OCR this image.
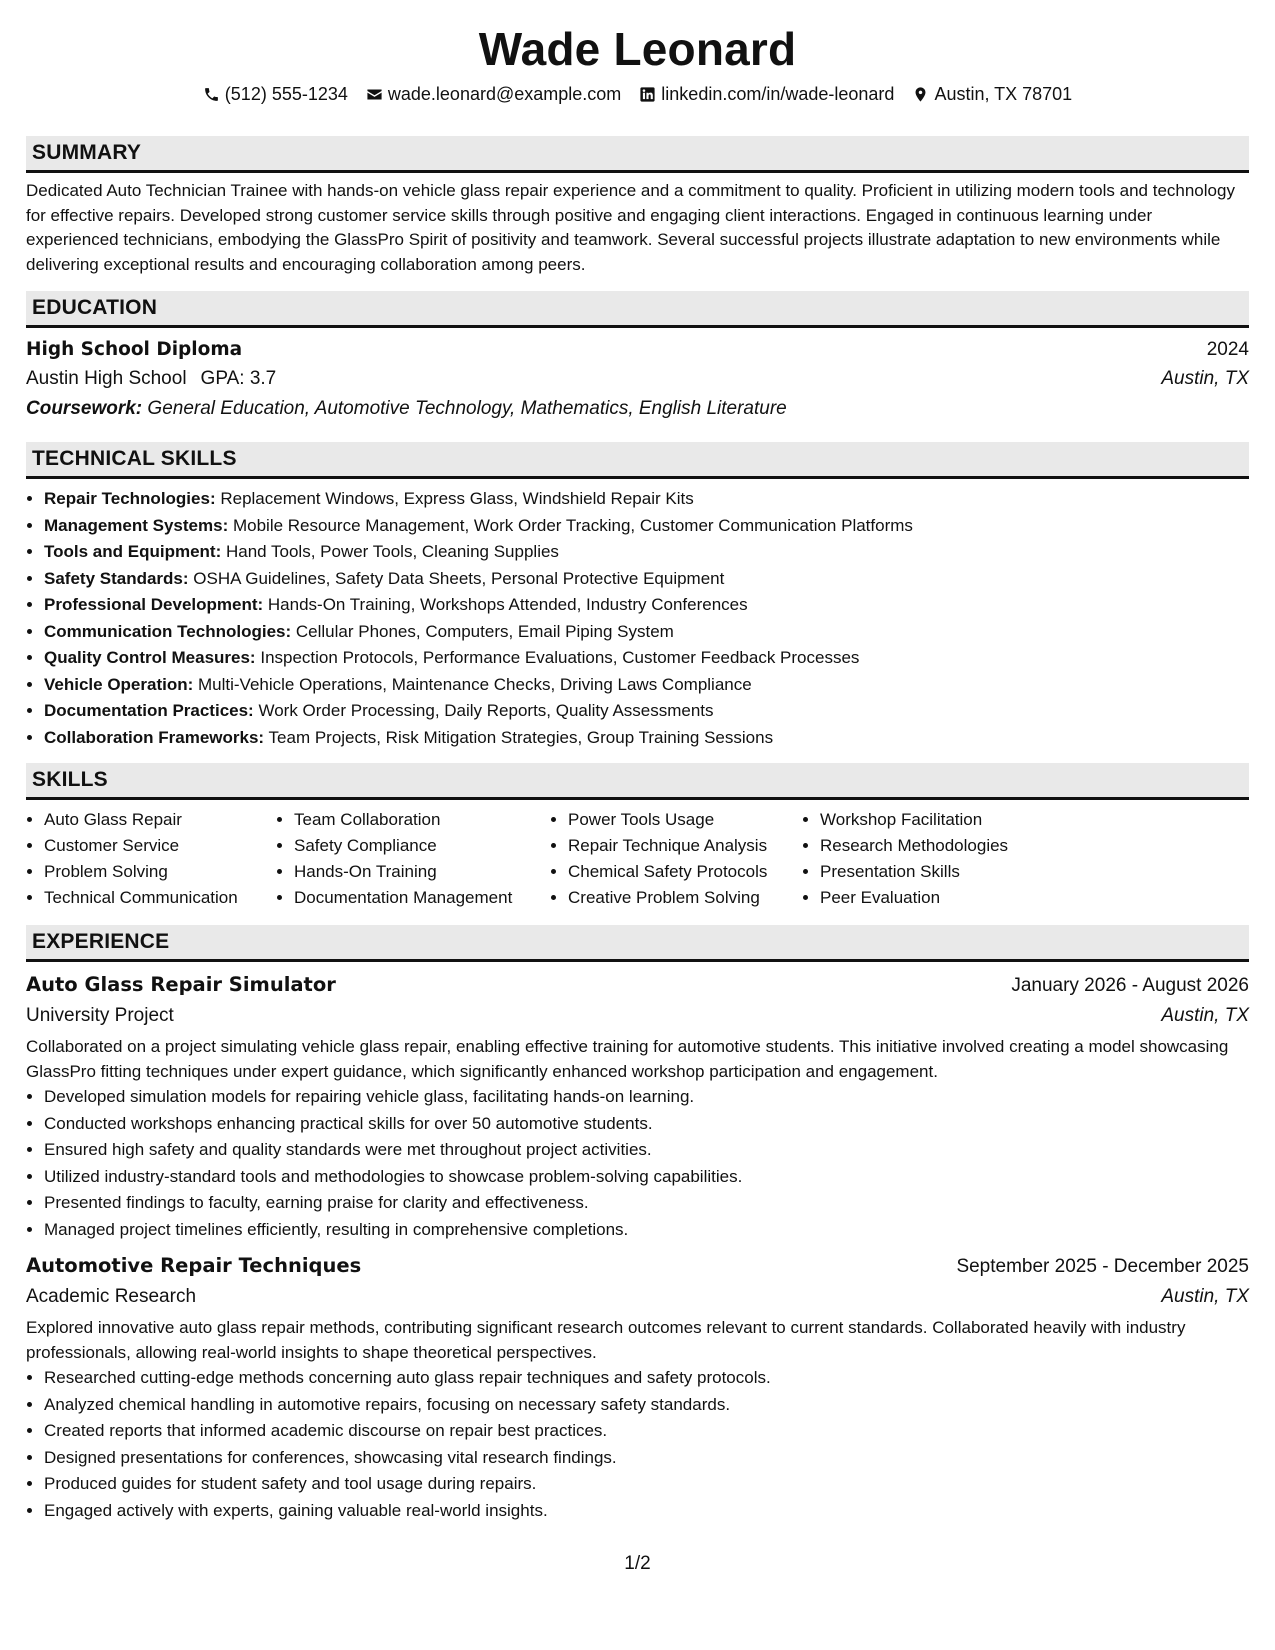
Wade Leonard
(512) 555-1234 wade.leonard@example.com linkedin.com/in/wade-leonard Austin, TX 78701
SUMMARY

Dedicated Auto Technician Trainee with hands-on vehicle glass repair experience and a commitment to quality. Proficient in utilizing modern tools and technology for effective repairs. Developed strong customer service skills through positive and engaging client interactions. Engaged in continuous learning under experienced technicians, embodying the GlassPro Spirit of positivity and teamwork. Several successful projects illustrate adaptation to new environments while delivering exceptional results and encouraging collaboration among peers.

EDUCATION
High School Diploma	2024
Austin High School GPA: 3.7	Austin, TX
Coursework: General Education, Automotive Technology, Mathematics, English Literature
TECHNICAL SKILLS
• Repair Technologies: Replacement Windows, Express Glass, Windshield Repair Kits
• Management Systems: Mobile Resource Management, Work Order Tracking, Customer Communication Platforms
• Tools and Equipment: Hand Tools, Power Tools, Cleaning Supplies
• Safety Standards: OSHA Guidelines, Safety Data Sheets, Personal Protective Equipment
• Professional Development: Hands-On Training, Workshops Attended, Industry Conferences
• Communication Technologies: Cellular Phones, Computers, Email Piping System
• Quality Control Measures: Inspection Protocols, Performance Evaluations, Customer Feedback Processes
• Vehicle Operation: Multi-Vehicle Operations, Maintenance Checks, Driving Laws Compliance
• Documentation Practices: Work Order Processing, Daily Reports, Quality Assessments
• Collaboration Frameworks: Team Projects, Risk Mitigation Strategies, Group Training Sessions
SKILLS
• Auto Glass Repair
• Customer Service
• Problem Solving
• Technical Communication
• Team Collaboration
• Safety Compliance
• Hands-On Training
• Documentation Management
• Power Tools Usage
• Repair Technique Analysis
• Chemical Safety Protocols
• Creative Problem Solving
• Workshop Facilitation
• Research Methodologies
• Presentation Skills
• Peer Evaluation
EXPERIENCE
Auto Glass Repair Simulator	January 2026 - August 2026
University Project	Austin, TX
Collaborated on a project simulating vehicle glass repair, enabling effective training for automotive students. This initiative involved creating a model showcasing GlassPro fitting techniques under expert guidance, which significantly enhanced workshop participation and engagement.
• Developed simulation models for repairing vehicle glass, facilitating hands-on learning.
• Conducted workshops enhancing practical skills for over 50 automotive students.
• Ensured high safety and quality standards were met throughout project activities.
• Utilized industry-standard tools and methodologies to showcase problem-solving capabilities.
• Presented findings to faculty, earning praise for clarity and effectiveness.
• Managed project timelines efficiently, resulting in comprehensive completions.
Automotive Repair Techniques	September 2025 - December 2025
Academic Research	Austin, TX
Explored innovative auto glass repair methods, contributing significant research outcomes relevant to current standards. Collaborated heavily with industry professionals, allowing real-world insights to shape theoretical perspectives.
• Researched cutting-edge methods concerning auto glass repair techniques and safety protocols.
• Analyzed chemical handling in automotive repairs, focusing on necessary safety standards.
• Created reports that informed academic discourse on repair best practices.
• Designed presentations for conferences, showcasing vital research findings.
• Produced guides for student safety and tool usage during repairs.
• Engaged actively with experts, gaining valuable real-world insights.
1/2
